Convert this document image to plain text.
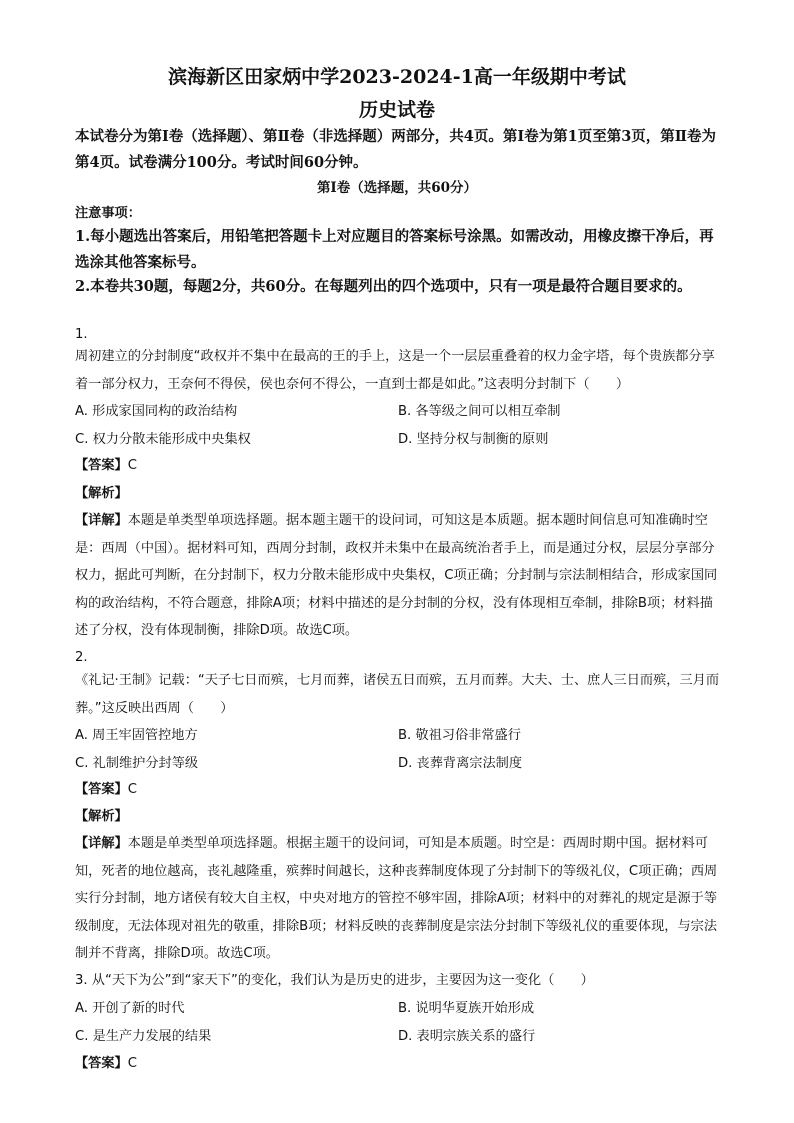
滨海新区田家炳中学2023-2024-1高一年级期中考试
历史试卷
本试卷分为第Ⅰ卷（选择题）、第Ⅱ卷（非选择题）两部分，共4页。第Ⅰ卷为第1页至第3页，第Ⅱ卷为第4页。试卷满分100分。考试时间60分钟。
第Ⅰ卷（选择题，共60分）
注意事项：
1.每小题选出答案后，用铅笔把答题卡上对应题目的答案标号涂黑。如需改动，用橡皮擦干净后，再选涂其他答案标号。
2.本卷共30题，每题2分，共60分。在每题列出的四个选项中，只有一项是最符合题目要求的。
1.
周初建立的分封制度“政权并不集中在最高的王的手上，这是一个一层层重叠着的权力金字塔，每个贵族都分享着一部分权力，王奈何不得侯，侯也奈何不得公，一直到士都是如此。”这表明分封制下（　　）
A. 形成家国同构的政治结构	B. 各等级之间可以相互牵制
C. 权力分散未能形成中央集权	D. 坚持分权与制衡的原则
【答案】C
【解析】
【详解】本题是单类型单项选择题。据本题主题干的设问词，可知这是本质题。据本题时间信息可知准确时空是：西周（中国）。据材料可知，西周分封制，政权并未集中在最高统治者手上，而是通过分权，层层分享部分权力，据此可判断，在分封制下，权力分散未能形成中央集权，C项正确；分封制与宗法制相结合，形成家国同构的政治结构，不符合题意，排除A项；材料中描述的是分封制的分权，没有体现相互牵制，排除B项；材料描述了分权，没有体现制衡，排除D项。故选C项。
2.
《礼记·王制》记载：“天子七日而殡，七月而葬，诸侯五日而殡，五月而葬。大夫、士、庶人三日而殡，三月而葬。”这反映出西周（　　）
A. 周王牢固管控地方	B. 敬祖习俗非常盛行
C. 礼制维护分封等级	D. 丧葬背离宗法制度
【答案】C
【解析】
【详解】本题是单类型单项选择题。根据主题干的设问词，可知是本质题。时空是：西周时期中国。据材料可知，死者的地位越高，丧礼越隆重，殡葬时间越长，这种丧葬制度体现了分封制下的等级礼仪，C项正确；西周实行分封制，地方诸侯有较大自主权，中央对地方的管控不够牢固，排除A项；材料中的对葬礼的规定是源于等级制度，无法体现对祖先的敬重，排除B项；材料反映的丧葬制度是宗法分封制下等级礼仪的重要体现，与宗法制并不背离，排除D项。故选C项。
3. 从“天下为公”到“家天下”的变化，我们认为是历史的进步，主要因为这一变化（　　）
A. 开创了新的时代	B. 说明华夏族开始形成
C. 是生产力发展的结果	D. 表明宗族关系的盛行
【答案】C
